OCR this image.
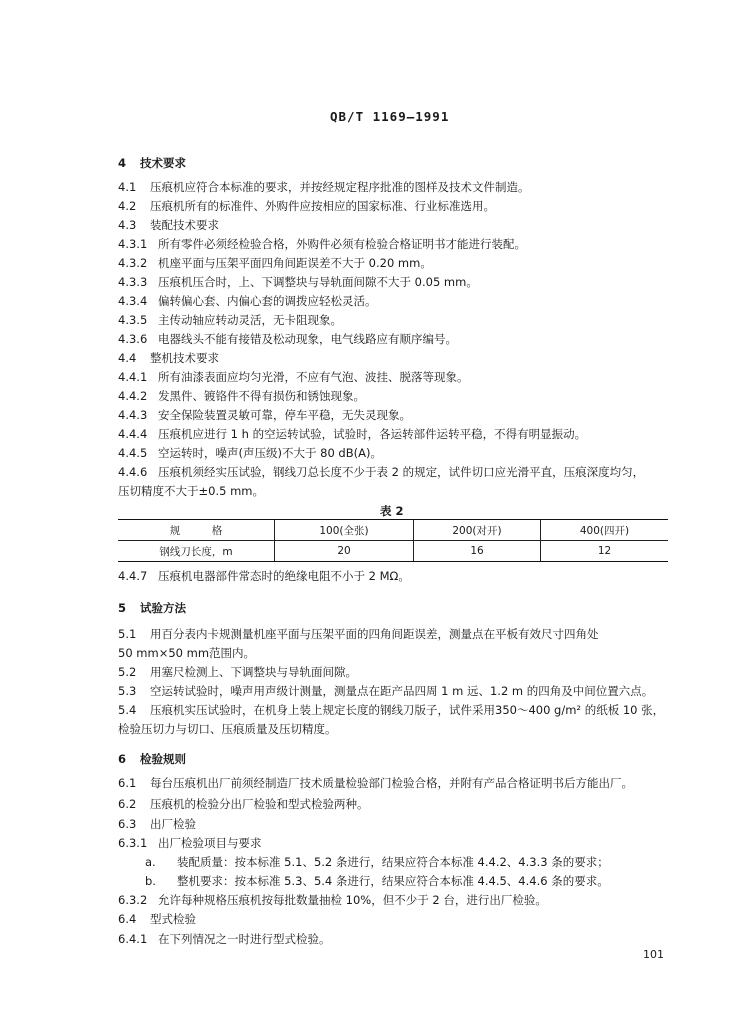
QB/T 1169—1991
4 技术要求
4.1 压痕机应符合本标准的要求，并按经规定程序批准的图样及技术文件制造。
4.2 压痕机所有的标准件、外购件应按相应的国家标准、行业标准选用。
4.3 装配技术要求
4.3.1 所有零件必须经检验合格，外购件必须有检验合格证明书才能进行装配。
4.3.2 机座平面与压架平面四角间距误差不大于 0.20 mm。
4.3.3 压痕机压合时，上、下调整块与导轨面间隙不大于 0.05 mm。
4.3.4 偏转偏心套、内偏心套的调拨应轻松灵活。
4.3.5 主传动轴应转动灵活，无卡阻现象。
4.3.6 电器线头不能有接错及松动现象，电气线路应有顺序编号。
4.4 整机技术要求
4.4.1 所有油漆表面应均匀光滑，不应有气泡、波挂、脱落等现象。
4.4.2 发黑件、镀铬件不得有损伤和锈蚀现象。
4.4.3 安全保险装置灵敏可靠，停车平稳，无失灵现象。
4.4.4 压痕机应进行 1 h 的空运转试验，试验时，各运转部件运转平稳，不得有明显振动。
4.4.5 空运转时，噪声(声压级)不大于 80 dB(A)。
4.4.6 压痕机须经实压试验，钢线刀总长度不少于表 2 的规定，试件切口应光滑平直，压痕深度均匀，
压切精度不大于±0.5 mm。
表 2
规　　　格	100(全张)	200(对开)	400(四开)
钢线刀长度，m	20	16	12
4.4.7 压痕机电器部件常态时的绝缘电阻不小于 2 MΩ。
5 试验方法
5.1 用百分表内卡规测量机座平面与压架平面的四角间距误差，测量点在平板有效尺寸四角处
50 mm×50 mm范围内。
5.2 用塞尺检测上、下调整块与导轨面间隙。
5.3 空运转试验时，噪声用声级计测量，测量点在距产品四周 1 m 远、1.2 m 的四角及中间位置六点。
5.4 压痕机实压试验时，在机身上装上规定长度的钢线刀版子，试件采用350～400 g/m² 的纸板 10 张，
检验压切力与切口、压痕质量及压切精度。
6 检验规则
6.1 每台压痕机出厂前须经制造厂技术质量检验部门检验合格，并附有产品合格证明书后方能出厂。
6.2 压痕机的检验分出厂检验和型式检验两种。
6.3 出厂检验
6.3.1 出厂检验项目与要求
a. 装配质量：按本标准 5.1、5.2 条进行，结果应符合本标准 4.4.2、4.3.3 条的要求；
b. 整机要求：按本标准 5.3、5.4 条进行，结果应符合本标准 4.4.5、4.4.6 条的要求。
6.3.2 允许每种规格压痕机按每批数量抽检 10%，但不少于 2 台，进行出厂检验。
6.4 型式检验
6.4.1 在下列情况之一时进行型式检验。
101
